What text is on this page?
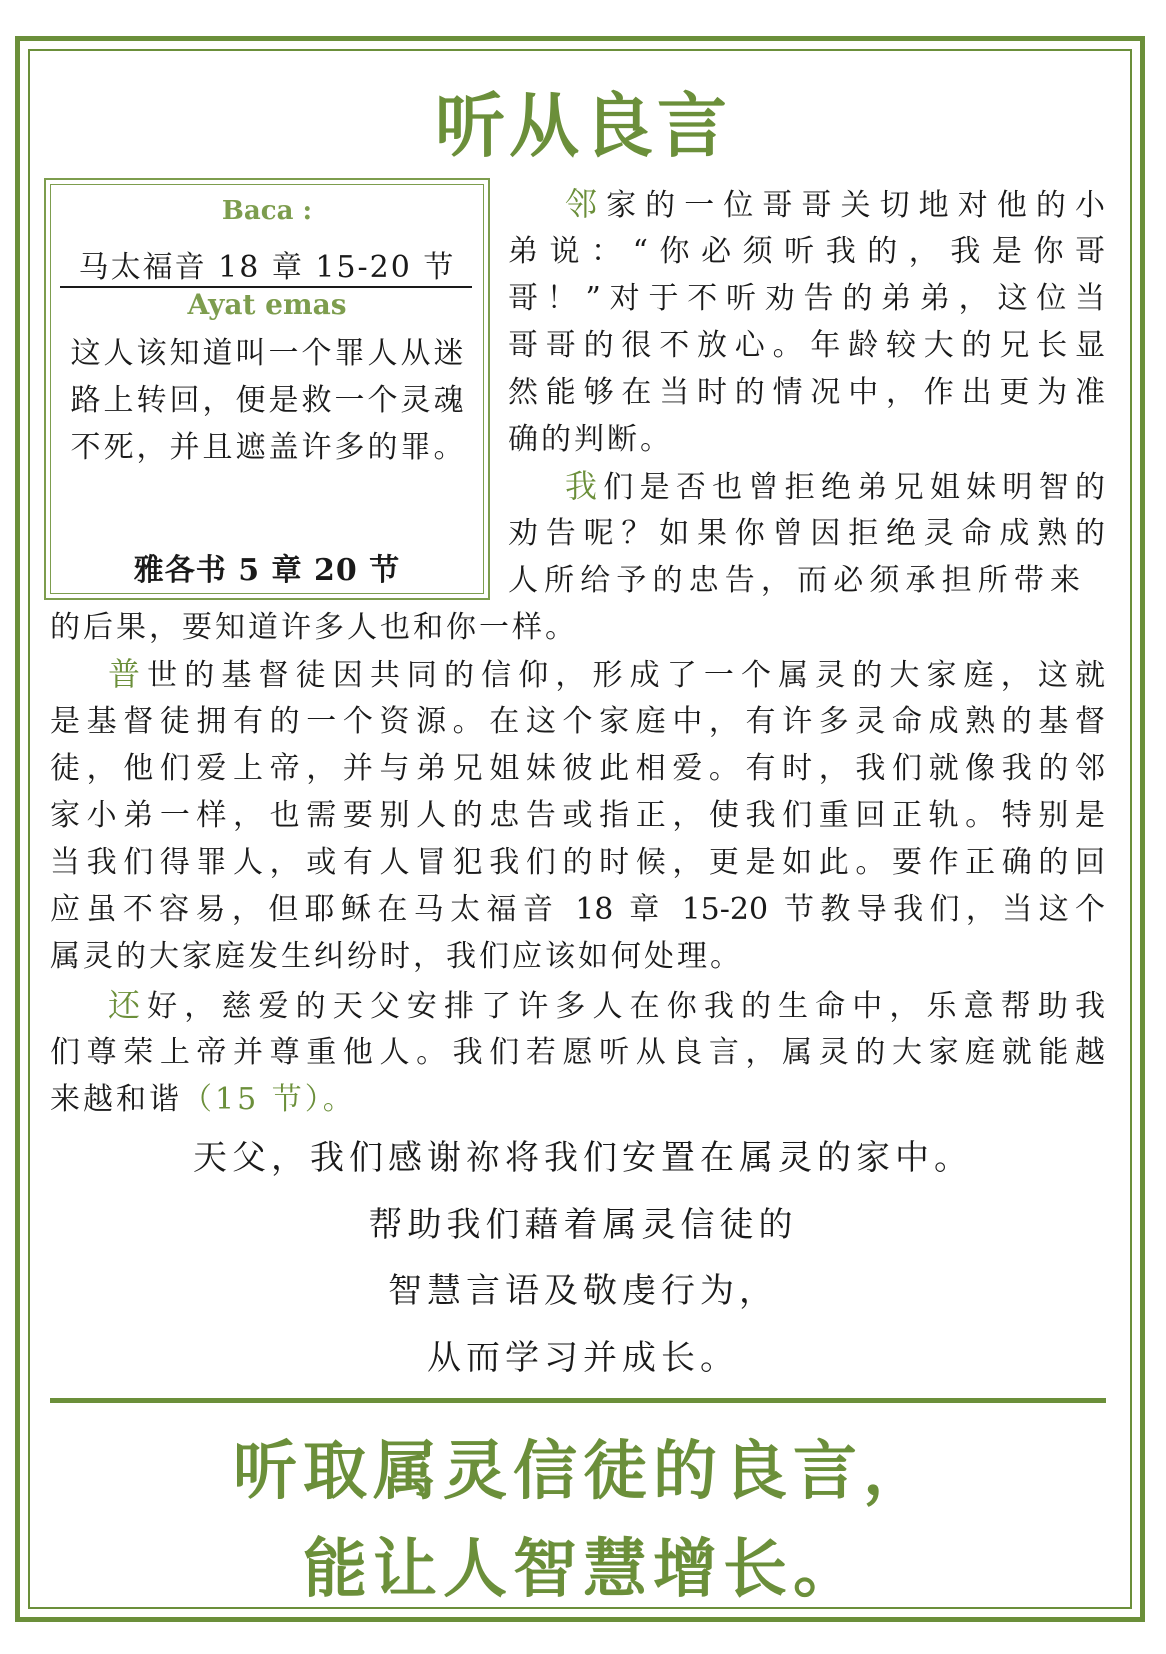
听从良言
Baca :
马太福音 18 章 15-20 节
Ayat emas
这人该知道叫一个罪人从迷路上转回，便是救一个灵魂不死，并且遮盖许多的罪。
雅各书 5 章 20 节
邻家的一位哥哥关切地对他的小
弟说：“你必须听我的，我是你哥
哥！”对于不听劝告的弟弟，这位当
哥哥的很不放心。年龄较大的兄长显
然能够在当时的情况中，作出更为准
确的判断。
我们是否也曾拒绝弟兄姐妹明智的
劝告呢？如果你曾因拒绝灵命成熟的
人所给予的忠告，而必须承担所带来
的后果，要知道许多人也和你一样。
普世的基督徒因共同的信仰，形成了一个属灵的大家庭，这就
是基督徒拥有的一个资源。在这个家庭中，有许多灵命成熟的基督
徒，他们爱上帝，并与弟兄姐妹彼此相爱。有时，我们就像我的邻
家小弟一样，也需要别人的忠告或指正，使我们重回正轨。特别是
当我们得罪人，或有人冒犯我们的时候，更是如此。要作正确的回
应虽不容易，但耶稣在马太福音 18 章 15-20 节教导我们，当这个
属灵的大家庭发生纠纷时，我们应该如何处理。
还好，慈爱的天父安排了许多人在你我的生命中，乐意帮助我
们尊荣上帝并尊重他人。我们若愿听从良言，属灵的大家庭就能越
来越和谐（15 节）。
天父，我们感谢祢将我们安置在属灵的家中。
帮助我们藉着属灵信徒的
智慧言语及敬虔行为，
从而学习并成长。
听取属灵信徒的良言，
能让人智慧增长。
